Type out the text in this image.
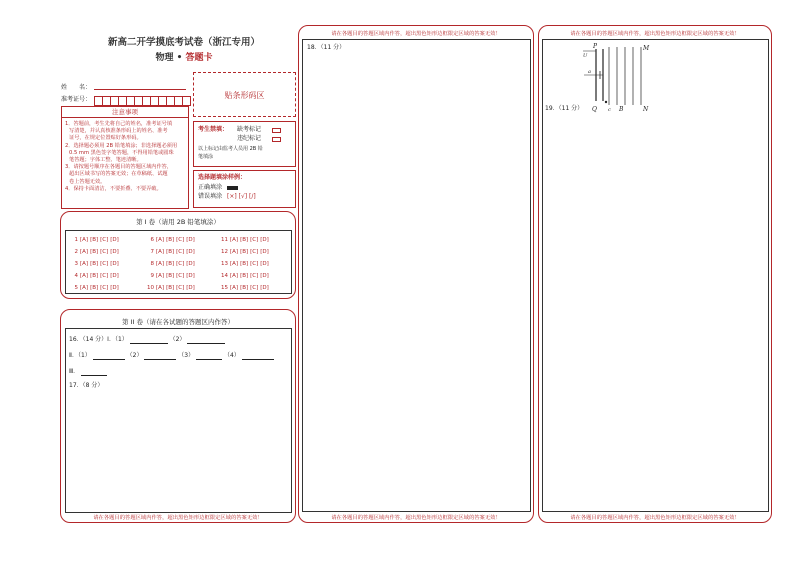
新高二开学摸底考试卷（浙江专用）
物理 • 答题卡
姓　　名：
准考证号：	贴条形码区
注意事项
1．答题前，考生先将自己的姓名，准考证号填
写清楚，并认真核准条形码上的姓名、准考
证号，在规定位置贴好条形码。
2．选择题必须用 2B 铅笔填涂；非选择题必须用
0.5 mm 黑色签字笔答题，不得用铅笔或圆珠
笔答题；字体工整、笔迹清晰。
3．请按题号顺序在各题目的答题区域内作答，
超出区域书写的答案无效；在草稿纸、试题
卷上答题无效。
4．保持卡面清洁，不要折叠、不要弄破。
考生禁填： 缺考标记
违纪标记
以上标记由监考人员用 2B 铅
笔填涂
选择题填涂样例：
正确填涂
错误填涂 [×] [√] [/]
第 I 卷（请用 2B 铅笔填涂）
1 [A] [B] [C] [D]
2 [A] [B] [C] [D]
3 [A] [B] [C] [D]
4 [A] [B] [C] [D]
5 [A] [B] [C] [D]
6 [A] [B] [C] [D]
7 [A] [B] [C] [D]
8 [A] [B] [C] [D]
9 [A] [B] [C] [D]
10 [A] [B] [C] [D]
11 [A] [B] [C] [D]
12 [A] [B] [C] [D]
13 [A] [B] [C] [D]
14 [A] [B] [C] [D]
15 [A] [B] [C] [D]
第 II 卷（请在各试题的答题区内作答）
16．（14 分）Ⅰ．（1）	（2）
Ⅱ．（1）	（2）	（3）	（4）
Ⅲ．
17．（8 分）
请在各题目的答题区域内作答，超出黑色矩形边框限定区域的答案无效！
请在各题目的答题区域内作答，超出黑色矩形边框限定区域的答案无效！
18．（11 分）
请在各题目的答题区域内作答，超出黑色矩形边框限定区域的答案无效！
请在各题目的答题区域内作答，超出黑色矩形边框限定区域的答案无效！
P	M
U
a
Q	B
c	N
19．（11 分）
请在各题目的答题区域内作答，超出黑色矩形边框限定区域的答案无效！
